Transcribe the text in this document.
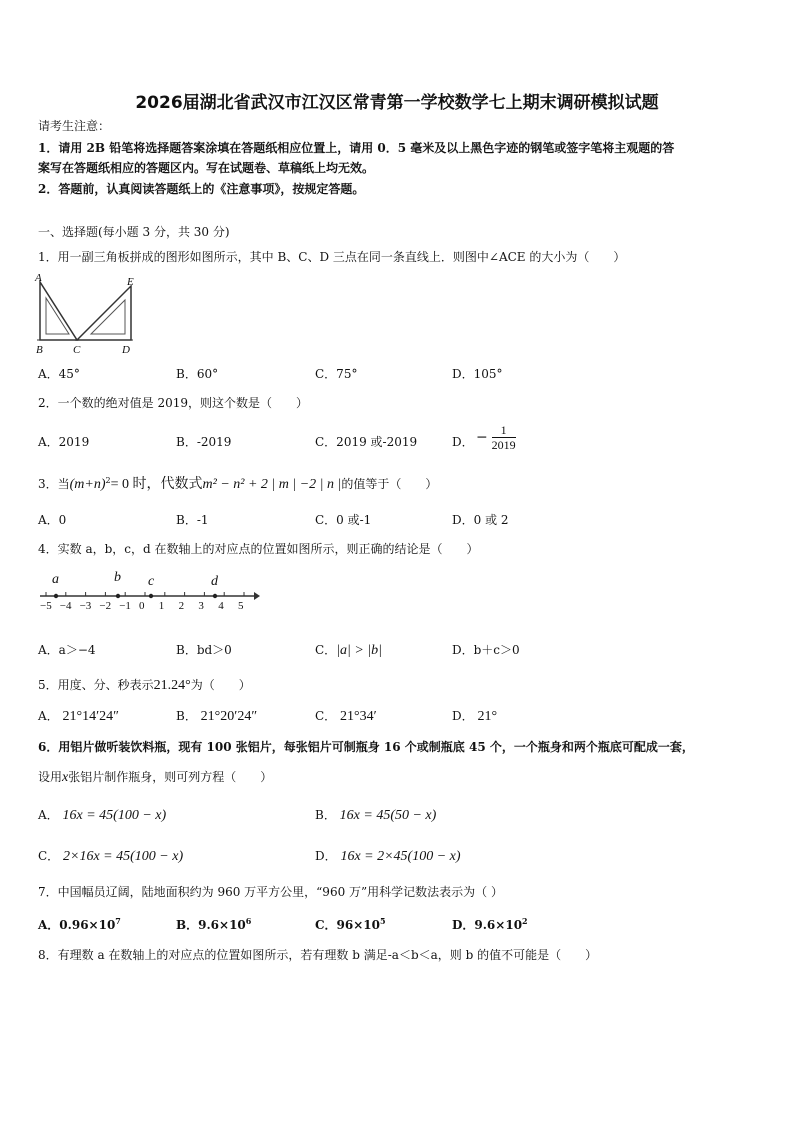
2026届湖北省武汉市江汉区常青第一学校数学七上期末调研模拟试题
请考生注意：
1．请用 2B 铅笔将选择题答案涂填在答题纸相应位置上，请用 0．5 毫米及以上黑色字迹的钢笔或签字笔将主观题的答
案写在答题纸相应的答题区内。写在试题卷、草稿纸上均无效。
2．答题前，认真阅读答题纸上的《注意事项》，按规定答题。
一、选择题(每小题 3 分，共 30 分)
1．用一副三角板拼成的图形如图所示，其中 B、C、D 三点在同一条直线上．则图中∠ACE 的大小为（　　）
A	E
B	C	D
A．45°	B．60°	C．75°	D．105°
2．一个数的绝对值是 2019，则这个数是（　　）
A．2019	B．-2019	C．2019 或-2019	D． − $\frac{1}{2019}$
3．当$(m+n)^2= 0$ 时，代数式m² − n² + 2 | m | −2 | n |的值等于（　　）
A．0	B．-1	C．0 或-1	D．0 或 2
4．实数 a，b，c，d 在数轴上的对应点的位置如图所示，则正确的结论是（　　）
a	b c	d
−5 −4 −3 −2 −1 0 1 2 3 4 5
A．a＞−4	B．bd＞0	C．|a| > |b|	D．b＋c＞0
5．用度、分、秒表示21.24°为（　　）
A． 21°14′24″	B． 21°20′24″	C． 21°34′	D． 21°
6．用铝片做听装饮料瓶，现有 100 张铝片，每张铝片可制瓶身 16 个或制瓶底 45 个，一个瓶身和两个瓶底可配成一套，
设用x张铝片制作瓶身，则可列方程（　　）
A． 16x = 45(100 − x)	B． 16x = 45(50 − x)
C． 2×16x = 45(100 − x)	D． 16x = 2×45(100 − x)
7．中国幅员辽阔，陆地面积约为 960 万平方公里，“960 万”用科学记数法表示为（ ）
A．$0.96\times 10^7$	B．$9.6\times 10^6$	C．$96\times 10^5$	D．$9.6\times 10^2$
8．有理数 a 在数轴上的对应点的位置如图所示，若有理数 b 满足-a＜b＜a，则 b 的值不可能是（　　）
